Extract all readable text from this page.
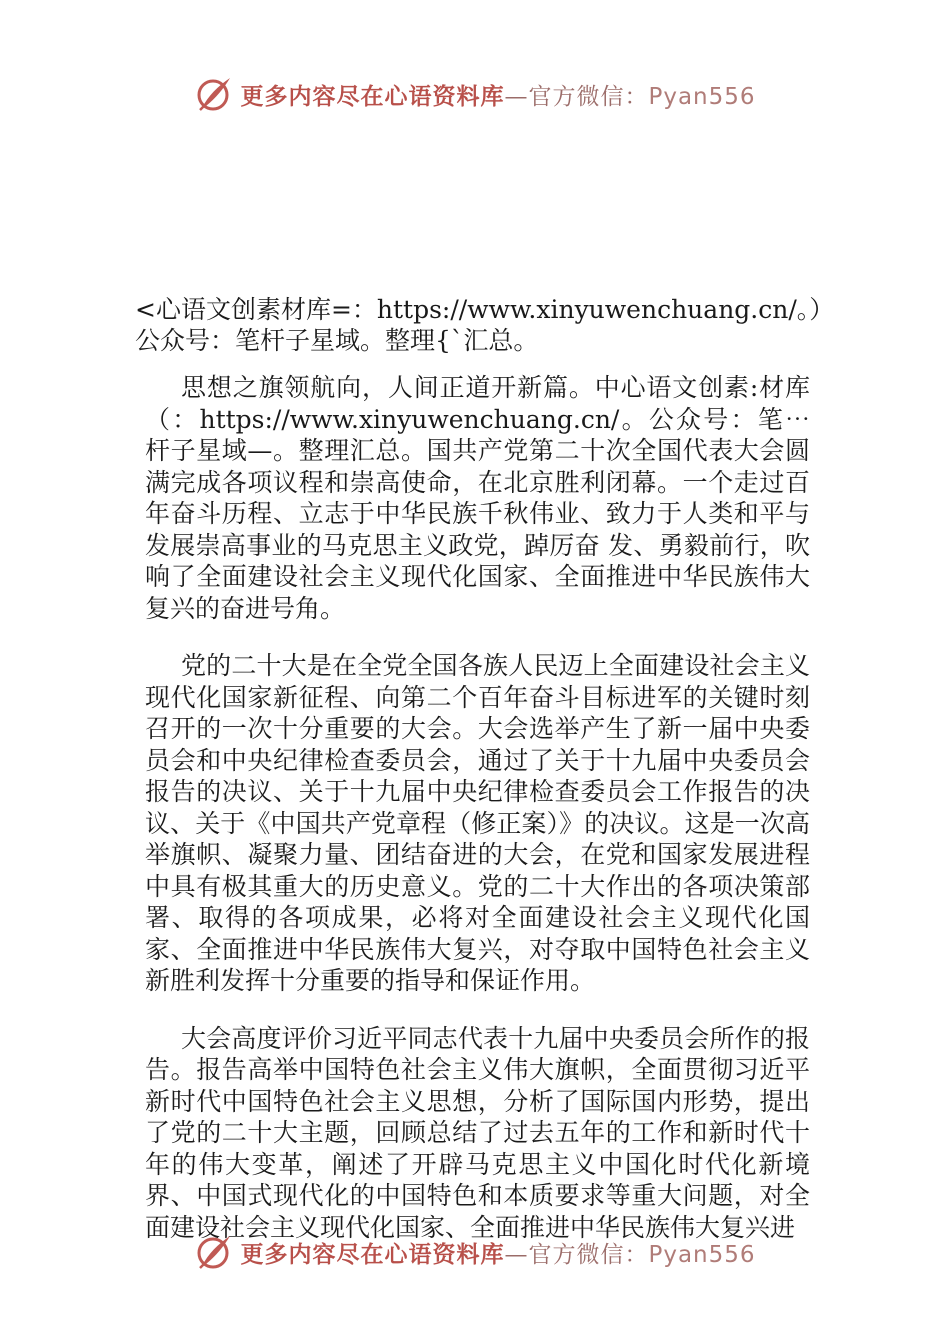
更多内容尽在心语资料库—官方微信：Pyan556
<心语文创素材库=：https://www.xinyuwenchuang.cn/。）公众号：笔杆子星域。整理{`汇总。

思想之旗领航向，人间正道开新篇。中心语文创素:材库（：https://www.xinyuwenchuang.cn/。公众号：笔⋯杆子星域—。整理汇总。国共产党第二十次全国代表大会圆满完成各项议程和崇高使命，在北京胜利闭幕。一个走过百年奋斗历程、立志于中华民族千秋伟业、致力于人类和平与发展崇高事业的马克思主义政党，踔厉奋 发、勇毅前行，吹响了全面建设社会主义现代化国家、全面推进中华民族伟大复兴的奋进号角。

党的二十大是在全党全国各族人民迈上全面建设社会主义现代化国家新征程、向第二个百年奋斗目标进军的关键时刻召开的一次十分重要的大会。大会选举产生了新一届中央委员会和中央纪律检查委员会，通过了关于十九届中央委员会报告的决议、关于十九届中央纪律检查委员会工作报告的决议、关于《中国共产党章程（修正案）》的决议。这是一次高举旗帜、凝聚力量、团结奋进的大会，在党和国家发展进程中具有极其重大的历史意义。党的二十大作出的各项决策部署、取得的各项成果，必将对全面建设社会主义现代化国家、全面推进中华民族伟大复兴，对夺取中国特色社会主义新胜利发挥十分重要的指导和保证作用。

大会高度评价习近平同志代表十九届中央委员会所作的报告。报告高举中国特色社会主义伟大旗帜，全面贯彻习近平新时代中国特色社会主义思想，分析了国际国内形势，提出了党的二十大主题，回顾总结了过去五年的工作和新时代十年的伟大变革，阐述了开辟马克思主义中国化时代化新境界、中国式现代化的中国特色和本质要求等重大问题，对全面建设社会主义现代化国家、全面推进中华民族伟大复兴进

更多内容尽在心语资料库—官方微信：Pyan556
